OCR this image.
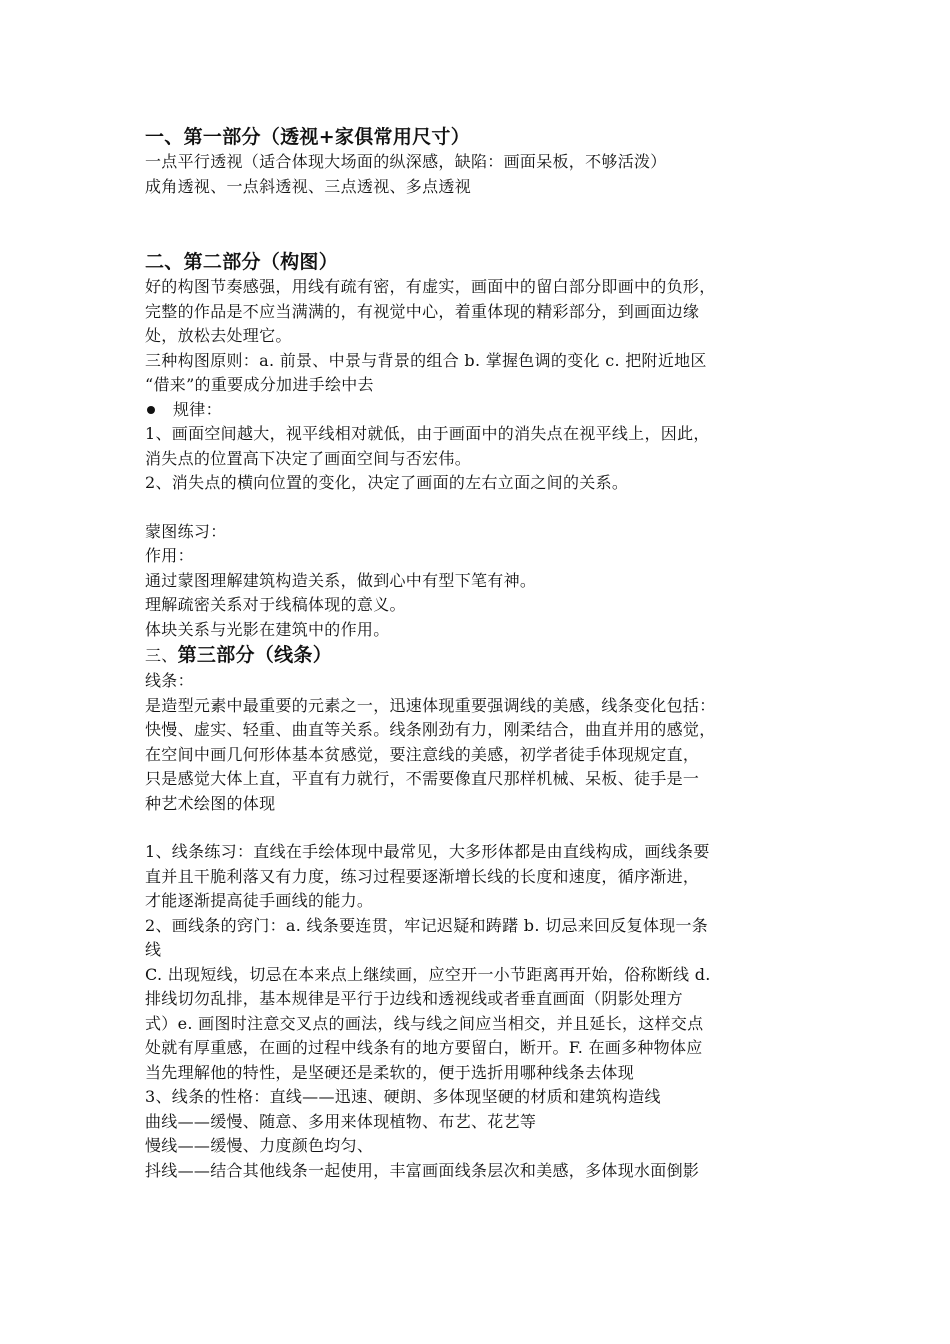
一、第一部分（透视+家俱常用尺寸）
一点平行透视（适合体现大场面的纵深感，缺陷：画面呆板，不够活泼）
成角透视、一点斜透视、三点透视、多点透视
二、第二部分（构图）
好的构图节奏感强，用线有疏有密，有虚实，画面中的留白部分即画中的负形，
完整的作品是不应当满满的，有视觉中心，着重体现的精彩部分，到画面边缘
处，放松去处理它。
三种构图原则：a. 前景、中景与背景的组合 b. 掌握色调的变化 c. 把附近地区
“借来”的重要成分加进手绘中去
规律：
1、画面空间越大，视平线相对就低，由于画面中的消失点在视平线上，因此，
消失点的位置高下决定了画面空间与否宏伟。
2、消失点的横向位置的变化，决定了画面的左右立面之间的关系。
蒙图练习：
作用：
通过蒙图理解建筑构造关系，做到心中有型下笔有神。
理解疏密关系对于线稿体现的意义。
体块关系与光影在建筑中的作用。
三、第三部分（线条）
线条：
是造型元素中最重要的元素之一，迅速体现重要强调线的美感，线条变化包括：
快慢、虚实、轻重、曲直等关系。线条刚劲有力，刚柔结合，曲直并用的感觉，
在空间中画几何形体基本贫感觉，要注意线的美感，初学者徒手体现规定直，
只是感觉大体上直，平直有力就行，不需要像直尺那样机械、呆板、徒手是一
种艺术绘图的体现
1、线条练习：直线在手绘体现中最常见，大多形体都是由直线构成，画线条要
直并且干脆利落又有力度，练习过程要逐渐增长线的长度和速度，循序渐进，
才能逐渐提高徒手画线的能力。
2、画线条的窍门：a. 线条要连贯，牢记迟疑和踌躇 b. 切忌来回反复体现一条
线
C. 出现短线，切忌在本来点上继续画，应空开一小节距离再开始，俗称断线 d.
排线切勿乱排，基本规律是平行于边线和透视线或者垂直画面（阴影处理方
式）e. 画图时注意交叉点的画法，线与线之间应当相交，并且延长，这样交点
处就有厚重感，在画的过程中线条有的地方要留白，断开。F. 在画多种物体应
当先理解他的特性，是坚硬还是柔软的，便于选折用哪种线条去体现
3、线条的性格：直线——迅速、硬朗、多体现坚硬的材质和建筑构造线
曲线——缓慢、随意、多用来体现植物、布艺、花艺等
慢线——缓慢、力度颜色均匀、
抖线——结合其他线条一起使用，丰富画面线条层次和美感，多体现水面倒影
